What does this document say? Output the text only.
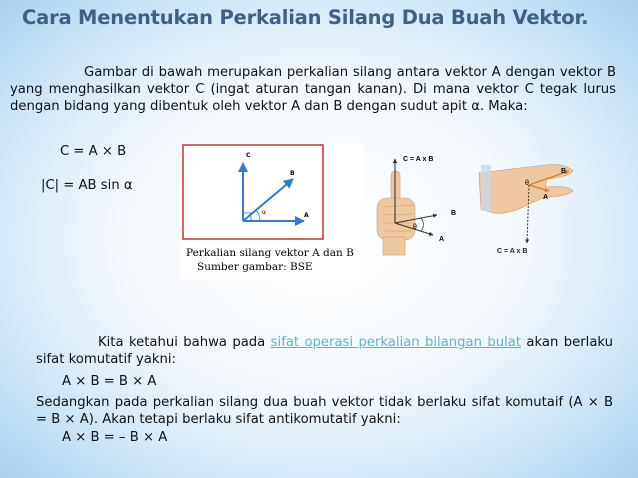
Cara Menentukan Perkalian Silang Dua Buah Vektor.
Gambar di bawah merupakan perkalian silang antara vektor A dengan vektor B yang menghasilkan vektor C (ingat aturan tangan kanan). Di mana vektor C tegak lurus dengan bidang yang dibentuk oleh vektor A dan B dengan sudut apit α. Maka:
C = A × B
|C| = AB sin α
C
B
A
α
Perkalian silang vektor A dan B
Sumber gambar: BSE
C = A x B
B
A
θ
B
A
θ
C = A x B
Kita ketahui bahwa pada sifat operasi perkalian bilangan bulat akan berlaku sifat komutatif yakni:
A × B = B × A
Sedangkan pada perkalian silang dua buah vektor tidak berlaku sifat komutaif (A × B = B × A). Akan tetapi berlaku sifat antikomutatif yakni:
A × B = – B × A
